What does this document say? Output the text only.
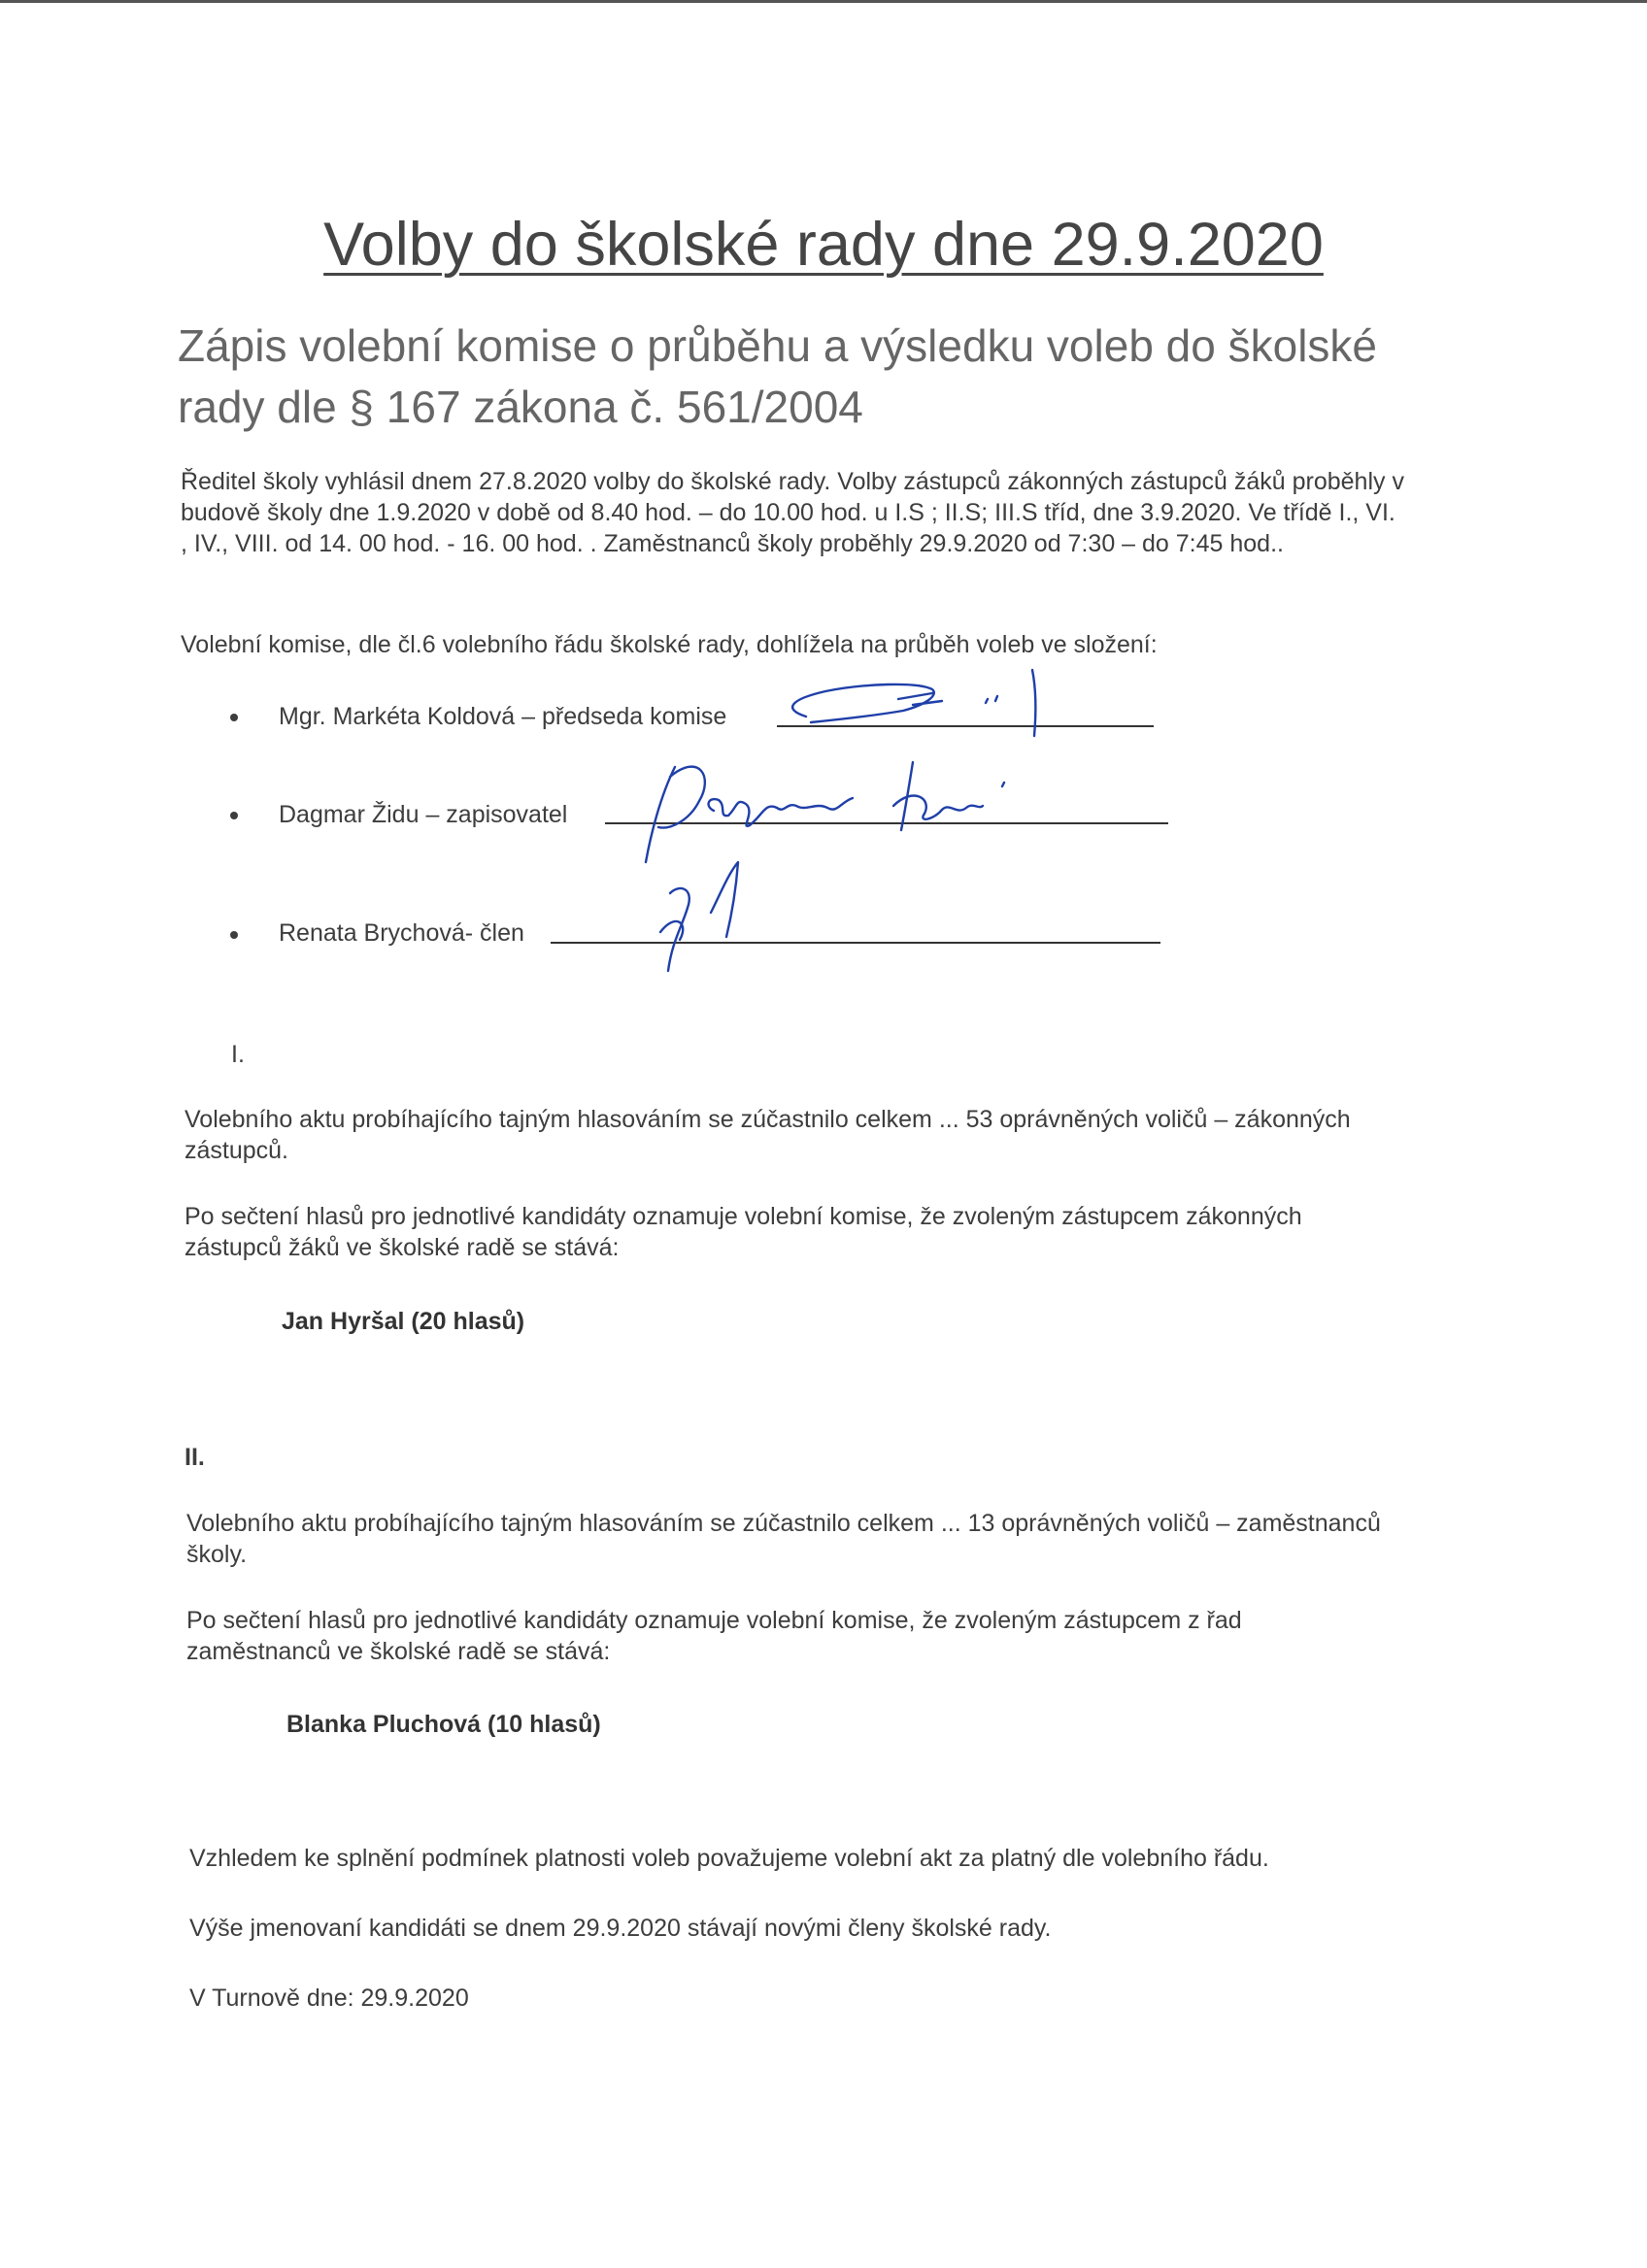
Volby do školské rady dne 29.9.2020
Zápis volební komise o průběhu a výsledku voleb do školské rady dle § 167 zákona č. 561/2004

Ředitel školy vyhlásil dnem 27.8.2020 volby do školské rady. Volby zástupců zákonných zástupců žáků proběhly v budově školy dne 1.9.2020 v době od 8.40 hod. – do 10.00 hod. u I.S ; II.S; III.S tříd, dne 3.9.2020. Ve třídě I., VI. , IV., VIII. od 14. 00 hod. - 16. 00 hod. . Zaměstnanců školy proběhly 29.9.2020 od 7:30 – do 7:45 hod..

Volební komise, dle čl.6 volebního řádu školské rady, dohlížela na průběh voleb ve složení:

Mgr. Markéta Koldová – předseda komise
Dagmar Židu – zapisovatel
Renata Brychová- člen
I.

Volebního aktu probíhajícího tajným hlasováním se zúčastnilo celkem ... 53 oprávněných voličů – zákonných zástupců.

Po sečtení hlasů pro jednotlivé kandidáty oznamuje volební komise, že zvoleným zástupcem zákonných zástupců žáků ve školské radě se stává:

Jan Hyršal (20 hlasů)
II.

Volebního aktu probíhajícího tajným hlasováním se zúčastnilo celkem ... 13 oprávněných voličů – zaměstnanců školy.

Po sečtení hlasů pro jednotlivé kandidáty oznamuje volební komise, že zvoleným zástupcem z řad zaměstnanců ve školské radě se stává:

Blanka Pluchová (10 hlasů)

Vzhledem ke splnění podmínek platnosti voleb považujeme volební akt za platný dle volebního řádu.

Výše jmenovaní kandidáti se dnem 29.9.2020 stávají novými členy školské rady.

V Turnově dne: 29.9.2020
